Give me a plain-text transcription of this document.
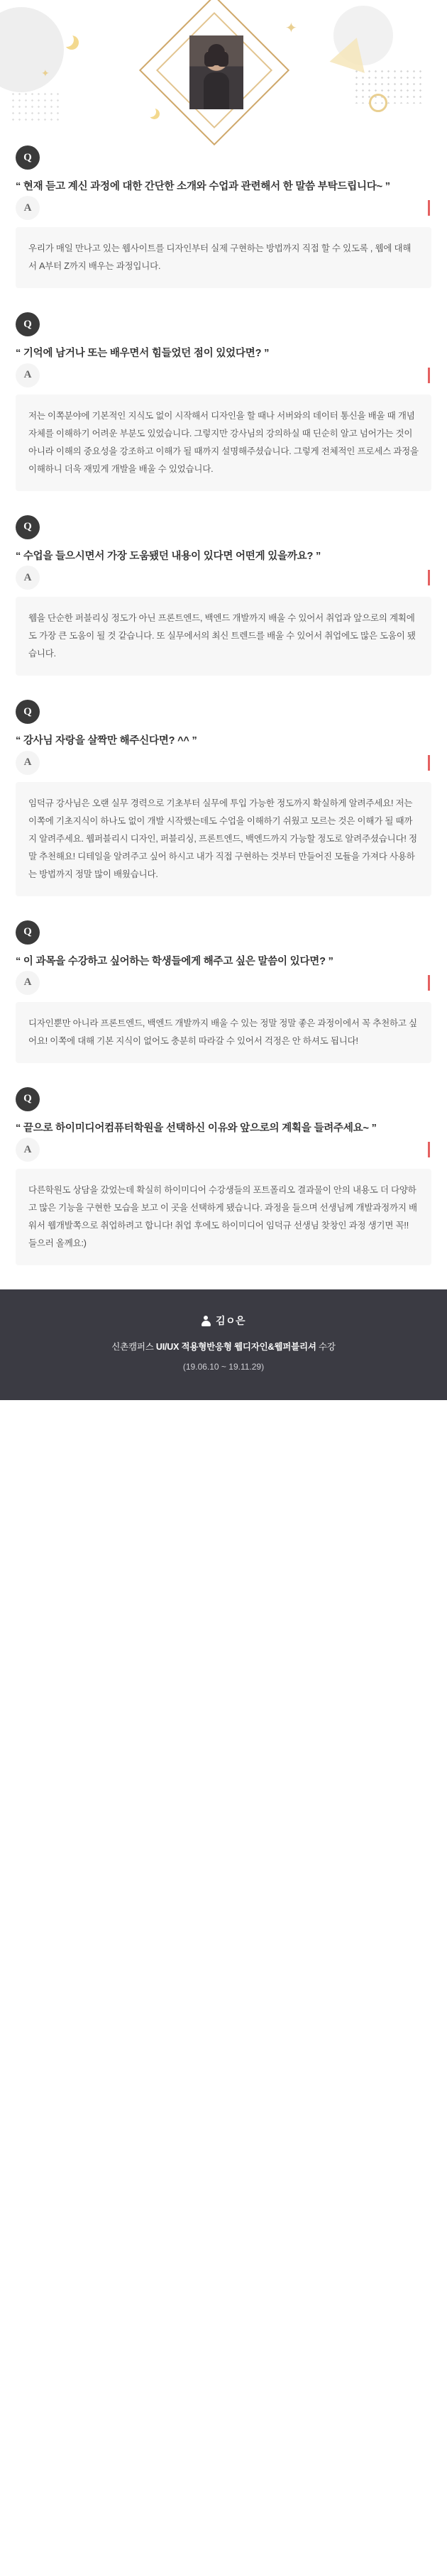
✦
✦
Q

“ 현재 듣고 계신 과정에 대한 간단한 소개와 수업과 관련해서 한 말씀 부탁드립니다~ ”

A
우리가 매일 만나고 있는 웹사이트를 디자인부터 실제 구현하는 방법까지 직접 할 수 있도록 , 웹에 대해서 A부터 Z까지 배우는 과정입니다.
Q

“ 기억에 남거나 또는 배우면서 힘들었던 점이 있었다면? ”

A
저는 이쪽분야에 기본적인 지식도 없이 시작해서 디자인을 할 때나 서버와의 데이터 통신을 배울 때 개념자체를 이해하기 어려운 부분도 있었습니다. 그렇지만 강사님의 강의하실 때 딘순히 알고 넘어가는 것이 아니라 이해의 중요성을 강조하고 이해가 될 때까지 설명해주셨습니다. 그렇게 전체적인 프로세스 과정을 이해하니 더욱 재밌게 개발을 배울 수 있었습니다.
Q

“ 수업을 들으시면서 가장 도움됐던 내용이 있다면 어떤게 있을까요? ”

A
웹을 단순한 퍼블리싱 정도가 아닌 프론트엔드, 백엔드 개발까지 배울 수 있어서 취업과 앞으로의 계획에도 가장 큰 도움이 될 것 같습니다. 또 실무에서의 최신 트렌드를 배울 수 있어서 취업에도 많은 도움이 됐습니다.
Q

“ 강사님 자랑을 살짝만 해주신다면? ^^ ”

A
임덕규 강사님은 오랜 실무 경력으로 기초부터 실무에 투입 가능한 정도까지 확실하게 알려주세요! 저는 이쪽에 기초지식이 하나도 없이 개발 시작했는데도 수업을 이해하기 쉬웠고 모르는 것은 이해가 될 때까지 알려주세요. 웹퍼블리시 디자인, 퍼블리싱, 프론트엔드, 백엔드까지 가능할 정도로 알려주셨습니다! 정말 추천해요! 디테일을 알려주고 싶어 하시고 내가 직접 구현하는 것부터 만들어진 모듈을 가져다 사용하는 방법까지 정말 많이 배웠습니다.
Q

“ 이 과목을 수강하고 싶어하는 학생들에게 해주고 싶은 말씀이 있다면? ”

A
디자인뿐만 아니라 프론트엔드, 백엔드 개발까지 배울 수 있는 정말 정말 좋은 과정이에서 꼭 추천하고 싶어요! 이쪽에 대해 기본 지식이 없어도 충분히 따라갈 수 있어서 걱정은 안 하셔도 됩니다!
Q

“ 끝으로 하이미디어컴퓨터학원을 선택하신 이유와 앞으로의 계획을 들려주세요~ ”

A
다른학원도 상담을 갔었는데 확실히 하이미디어 수강생들의 포트폴리오 결과물이 안의 내용도 더 다양하고 많은 기능을 구현한 모습을 보고 이 곳을 선택하게 됐습니다. 과정을 들으며 선생님께 개발과정까지 배워서 웹개발쪽으로 취업하려고 합니다! 취업 후에도 하이미디어 임덕규 선생님 찾창인 과정 생기면 꼭!! 들으러 올께요:)
김ㅇ은
신촌캠퍼스 UI/UX 적용형반응형 웹디자인&웹퍼블리셔 수강
(19.06.10 ~ 19.11.29)
